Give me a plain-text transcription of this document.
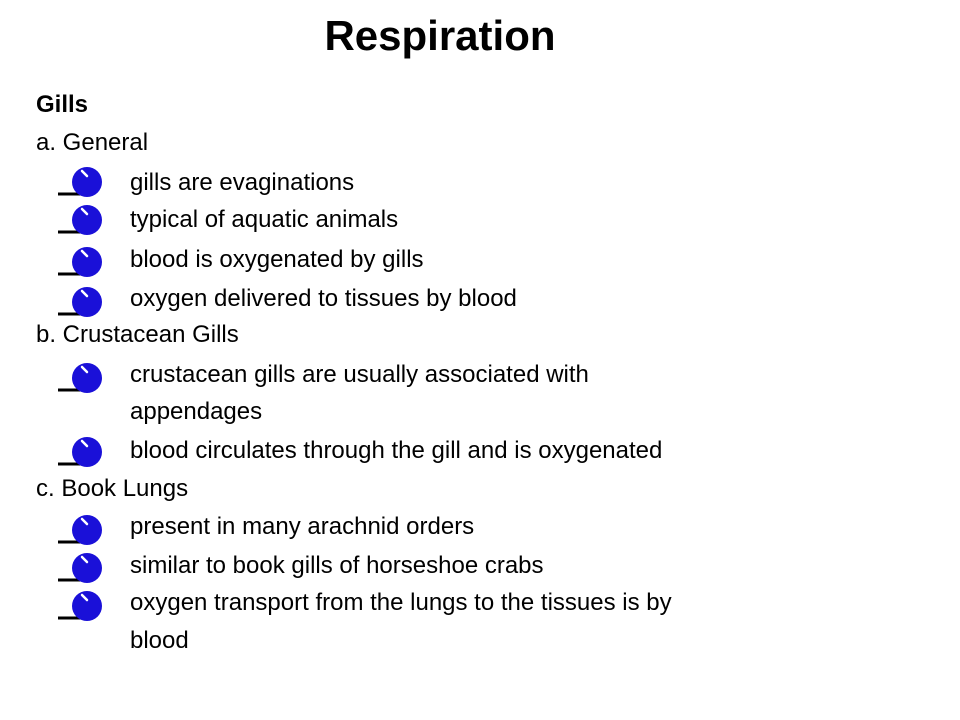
Respiration
Gills
a. General
gills are evaginations
typical of aquatic animals
blood is oxygenated by gills
oxygen delivered to tissues by blood
b. Crustacean Gills
crustacean gills are usually associated with
appendages
blood circulates through the gill and is oxygenated
c. Book Lungs
present in many arachnid orders
similar to book gills of horseshoe crabs
oxygen transport from the lungs to the tissues is by
blood
